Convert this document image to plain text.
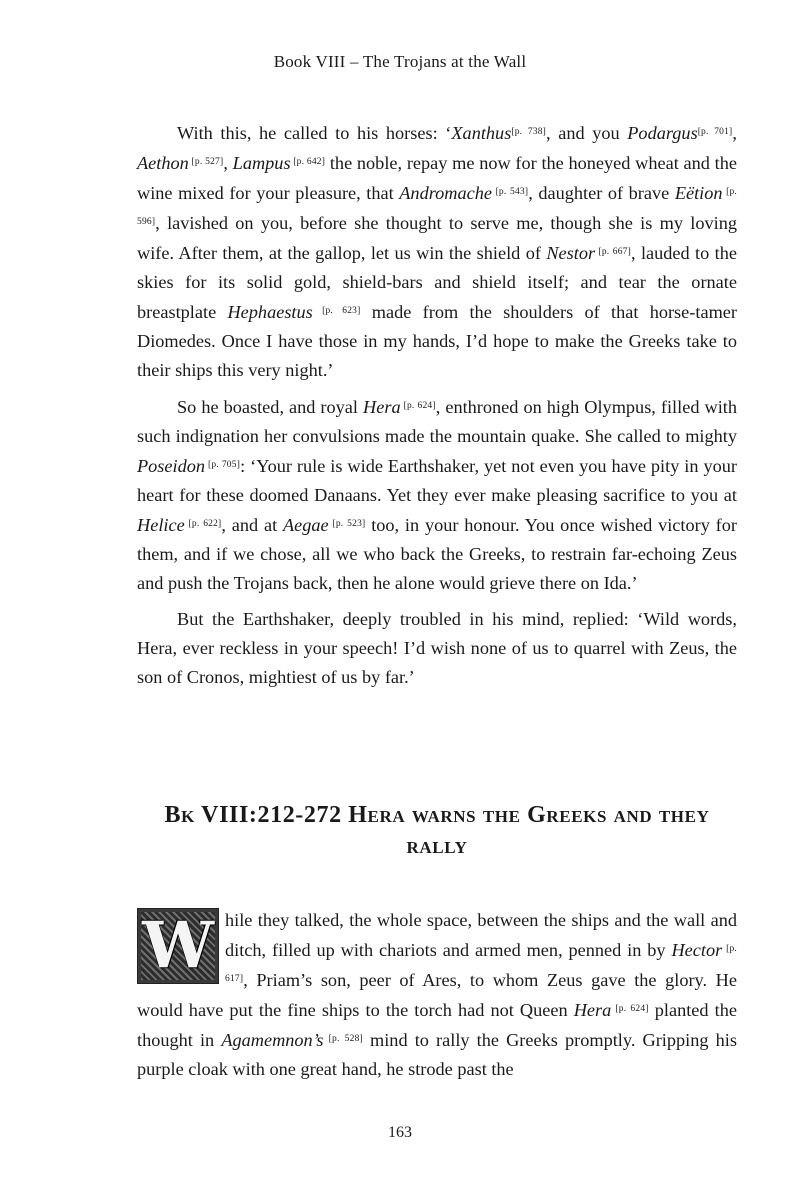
Book VIII – The Trojans at the Wall

With this, he called to his horses: ‘Xanthus[p. 738], and you Podargus[p. 701], Aethon [p. 527], Lampus [p. 642] the noble, repay me now for the honeyed wheat and the wine mixed for your pleasure, that Andromache [p. 543], daughter of brave Eëtion [p. 596], lavished on you, before she thought to serve me, though she is my loving wife. After them, at the gallop, let us win the shield of Nestor [p. 667], lauded to the skies for its solid gold, shield-bars and shield itself; and tear the ornate breastplate Hephaestus [p. 623] made from the shoulders of that horse-tamer Diomedes. Once I have those in my hands, I’d hope to make the Greeks take to their ships this very night.’

So he boasted, and royal Hera [p. 624], enthroned on high Olympus, filled with such indignation her convulsions made the mountain quake. She called to mighty Poseidon [p. 705]: ‘Your rule is wide Earthshaker, yet not even you have pity in your heart for these doomed Danaans. Yet they ever make pleasing sacrifice to you at Helice [p. 622], and at Aegae [p. 523] too, in your honour. You once wished victory for them, and if we chose, all we who back the Greeks, to restrain far-echoing Zeus and push the Trojans back, then he alone would grieve there on Ida.’

But the Earthshaker, deeply troubled in his mind, replied: ‘Wild words, Hera, ever reckless in your speech! I’d wish none of us to quarrel with Zeus, the son of Cronos, mightiest of us by far.’

Bk VIII:212-272 Hera warns the Greeks and they rally

W hile they talked, the whole space, between the ships and the wall and ditch, filled up with chariots and armed men, penned in by Hector [p. 617], Priam’s son, peer of Ares, to whom Zeus gave the glory. He would have put the fine ships to the torch had not Queen Hera [p. 624] planted the thought in Agamemnon’s [p. 528] mind to rally the Greeks promptly. Gripping his purple cloak with one great hand, he strode past the

163
